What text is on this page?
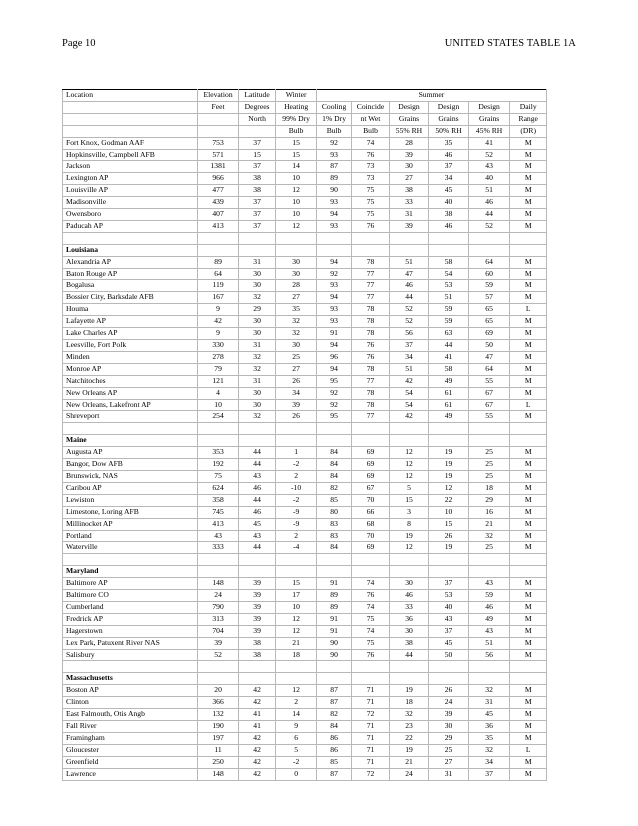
Page 10	UNITED STATES TABLE 1A
Location	Elevation	Latitude	Winter	Summer					
	Feet	Degrees	Heating	Cooling	Coincide	Design	Design	Design	Daily
		North	99% Dry	1% Dry	nt Wet	Grains	Grains	Grains	Range
			Bulb	Bulb	Bulb	55% RH	50% RH	45% RH	(DR)
Fort Knox, Godman AAF	753	37	15	92	74	28	35	41	M
Hopkinsville, Campbell AFB	571	15	15	93	76	39	46	52	M
Jackson	1381	37	14	87	73	30	37	43	M
Lexington AP	966	38	10	89	73	27	34	40	M
Louisville AP	477	38	12	90	75	38	45	51	M
Madisonville	439	37	10	93	75	33	40	46	M
Owensboro	407	37	10	94	75	31	38	44	M
Paducah AP	413	37	12	93	76	39	46	52	M

Louisiana									
Alexandria AP	89	31	30	94	78	51	58	64	M
Baton Rouge AP	64	30	30	92	77	47	54	60	M
Bogalusa	119	30	28	93	77	46	53	59	M
Bossier City, Barksdale AFB	167	32	27	94	77	44	51	57	M
Houma	9	29	35	93	78	52	59	65	L
Lafayette AP	42	30	32	93	78	52	59	65	M
Lake Charles AP	9	30	32	91	78	56	63	69	M
Leesville, Fort Polk	330	31	30	94	76	37	44	50	M
Minden	278	32	25	96	76	34	41	47	M
Monroe AP	79	32	27	94	78	51	58	64	M
Natchitoches	121	31	26	95	77	42	49	55	M
New Orleans AP	4	30	34	92	78	54	61	67	M
New Orleans, Lakefront AP	10	30	39	92	78	54	61	67	L
Shreveport	254	32	26	95	77	42	49	55	M

Maine									
Augusta AP	353	44	1	84	69	12	19	25	M
Bangor, Dow AFB	192	44	-2	84	69	12	19	25	M
Brunswick, NAS	75	43	2	84	69	12	19	25	M
Caribou AP	624	46	-10	82	67	5	12	18	M
Lewiston	358	44	-2	85	70	15	22	29	M
Limestone, Loring AFB	745	46	-9	80	66	3	10	16	M
Millinocket AP	413	45	-9	83	68	8	15	21	M
Portland	43	43	2	83	70	19	26	32	M
Waterville	333	44	-4	84	69	12	19	25	M

Maryland									
Baltimore AP	148	39	15	91	74	30	37	43	M
Baltimore CO	24	39	17	89	76	46	53	59	M
Cumberland	790	39	10	89	74	33	40	46	M
Fredrick AP	313	39	12	91	75	36	43	49	M
Hagerstown	704	39	12	91	74	30	37	43	M
Lex Park, Patuxent River NAS	39	38	21	90	75	38	45	51	M
Salisbury	52	38	18	90	76	44	50	56	M

Massachusetts									
Boston AP	20	42	12	87	71	19	26	32	M
Clinton	366	42	2	87	71	18	24	31	M
East Falmouth, Otis Angb	132	41	14	82	72	32	39	45	M
Fall River	190	41	9	84	71	23	30	36	M
Framingham	197	42	6	86	71	22	29	35	M
Gloucester	11	42	5	86	71	19	25	32	L
Greenfield	250	42	-2	85	71	21	27	34	M
Lawrence	148	42	0	87	72	24	31	37	M
